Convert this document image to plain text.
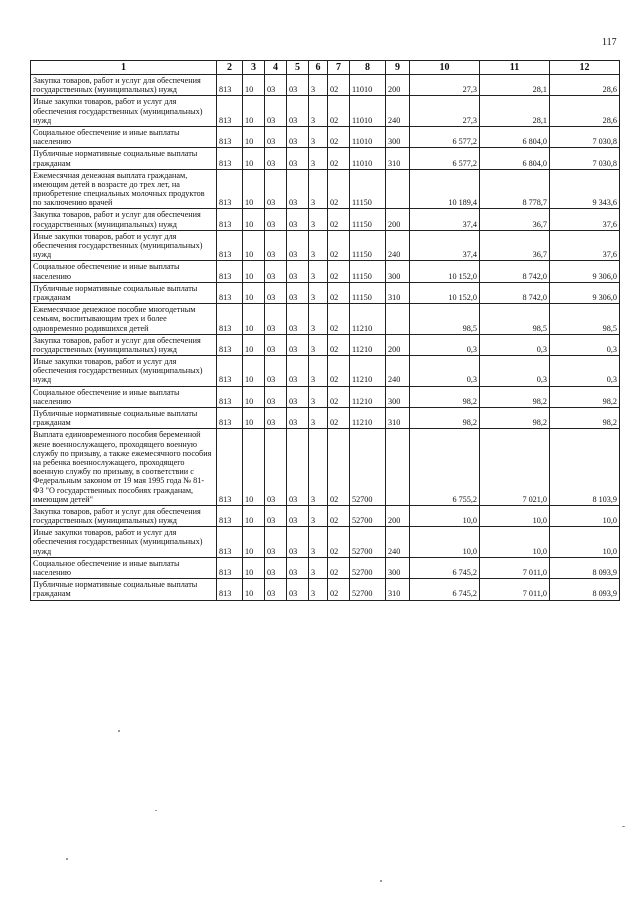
117
1	2	3	4	5	6	7	8	9	10	11	12
Закупка товаров, работ и услуг для обеспечения государственных (муниципальных) нужд	813	10	03	03	3	02	11010	200	27,3	28,1	28,6
Иные закупки товаров, работ и услуг для обеспечения государственных (муниципальных) нужд	813	10	03	03	3	02	11010	240	27,3	28,1	28,6
Социальное обеспечение и иные выплаты населению	813	10	03	03	3	02	11010	300	6 577,2	6 804,0	7 030,8
Публичные нормативные социальные выплаты гражданам	813	10	03	03	3	02	11010	310	6 577,2	6 804,0	7 030,8
Ежемесячная денежная выплата гражданам, имеющим детей в возрасте до трех лет, на приобретение специальных молочных продуктов по заключению врачей	813	10	03	03	3	02	11150		10 189,4	8 778,7	9 343,6
Закупка товаров, работ и услуг для обеспечения государственных (муниципальных) нужд	813	10	03	03	3	02	11150	200	37,4	36,7	37,6
Иные закупки товаров, работ и услуг для обеспечения государственных (муниципальных) нужд	813	10	03	03	3	02	11150	240	37,4	36,7	37,6
Социальное обеспечение и иные выплаты населению	813	10	03	03	3	02	11150	300	10 152,0	8 742,0	9 306,0
Публичные нормативные социальные выплаты гражданам	813	10	03	03	3	02	11150	310	10 152,0	8 742,0	9 306,0
Ежемесячное денежное пособие многодетным семьям, воспитывающим трех и более одновременно родившихся детей	813	10	03	03	3	02	11210		98,5	98,5	98,5
Закупка товаров, работ и услуг для обеспечения государственных (муниципальных) нужд	813	10	03	03	3	02	11210	200	0,3	0,3	0,3
Иные закупки товаров, работ и услуг для обеспечения государственных (муниципальных) нужд	813	10	03	03	3	02	11210	240	0,3	0,3	0,3
Социальное обеспечение и иные выплаты населению	813	10	03	03	3	02	11210	300	98,2	98,2	98,2
Публичные нормативные социальные выплаты гражданам	813	10	03	03	3	02	11210	310	98,2	98,2	98,2
Выплата единовременного пособия беременной жене военнослужащего, проходящего военную службу по призыву, а также ежемесячного пособия на ребенка военнослужащего, проходящего военную службу по призыву, в соответствии с Федеральным законом от 19 мая 1995 года № 81-ФЗ "О государственных пособиях гражданам, имеющим детей"	813	10	03	03	3	02	52700		6 755,2	7 021,0	8 103,9
Закупка товаров, работ и услуг для обеспечения государственных (муниципальных) нужд	813	10	03	03	3	02	52700	200	10,0	10,0	10,0
Иные закупки товаров, работ и услуг для обеспечения государственных (муниципальных) нужд	813	10	03	03	3	02	52700	240	10,0	10,0	10,0
Социальное обеспечение и иные выплаты населению	813	10	03	03	3	02	52700	300	6 745,2	7 011,0	8 093,9
Публичные нормативные социальные выплаты гражданам	813	10	03	03	3	02	52700	310	6 745,2	7 011,0	8 093,9
